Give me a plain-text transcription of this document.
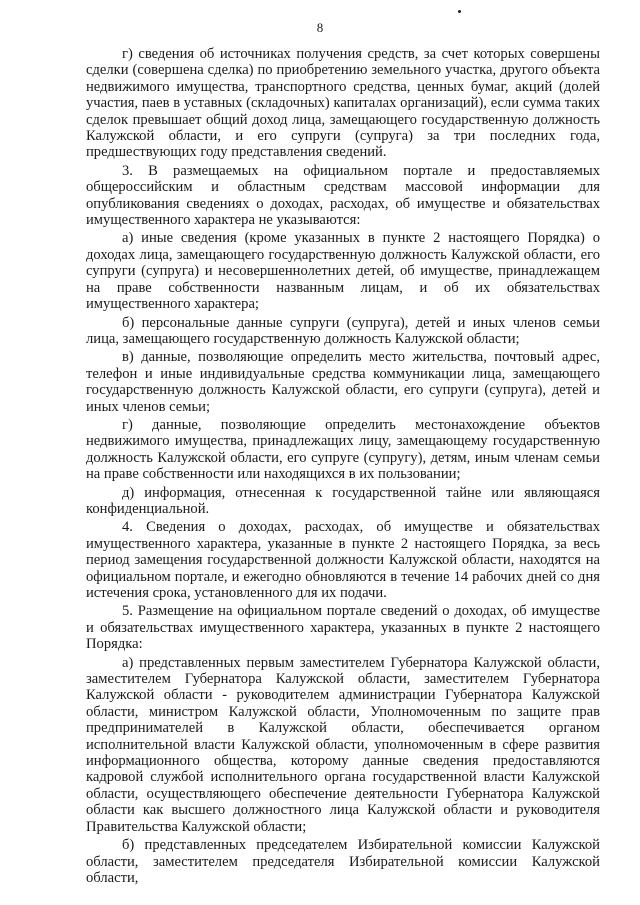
8

г) сведения об источниках получения средств, за счет которых совершены сделки (совершена сделка) по приобретению земельного участка, другого объекта недвижимого имущества, транспортного средства, ценных бумаг, акций (долей участия, паев в уставных (складочных) капиталах организаций), если сумма таких сделок превышает общий доход лица, замещающего государственную должность Калужской области, и его супруги (супруга) за три последних года, предшествующих году представления сведений.

3. В размещаемых на официальном портале и предоставляемых общероссийским и областным средствам массовой информации для опубликования сведениях о доходах, расходах, об имуществе и обязательствах имущественного характера не указываются:

а) иные сведения (кроме указанных в пункте 2 настоящего Порядка) о доходах лица, замещающего государственную должность Калужской области, его супруги (супруга) и несовершеннолетних детей, об имуществе, принадлежащем на праве собственности названным лицам, и об их обязательствах имущественного характера;

б) персональные данные супруги (супруга), детей и иных членов семьи лица, замещающего государственную должность Калужской области;

в) данные, позволяющие определить место жительства, почтовый адрес, телефон и иные индивидуальные средства коммуникации лица, замещающего государственную должность Калужской области, его супруги (супруга), детей и иных членов семьи;

г) данные, позволяющие определить местонахождение объектов недвижимого имущества, принадлежащих лицу, замещающему государственную должность Калужской области, его супруге (супругу), детям, иным членам семьи на праве собственности или находящихся в их пользовании;

д) информация, отнесенная к государственной тайне или являющаяся конфиденциальной.

4. Сведения о доходах, расходах, об имуществе и обязательствах имущественного характера, указанные в пункте 2 настоящего Порядка, за весь период замещения государственной должности Калужской области, находятся на официальном портале, и ежегодно обновляются в течение 14 рабочих дней со дня истечения срока, установленного для их подачи.

5. Размещение на официальном портале сведений о доходах, об имуществе и обязательствах имущественного характера, указанных в пункте 2 настоящего Порядка:

а) представленных первым заместителем Губернатора Калужской области, заместителем Губернатора Калужской области, заместителем Губернатора Калужской области - руководителем администрации Губернатора Калужской области, министром Калужской области, Уполномоченным по защите прав предпринимателей в Калужской области, обеспечивается органом исполнительной власти Калужской области, уполномоченным в сфере развития информационного общества, которому данные сведения предоставляются кадровой службой исполнительного органа государственной власти Калужской области, осуществляющего обеспечение деятельности Губернатора Калужской области как высшего должностного лица Калужской области и руководителя Правительства Калужской области;

б) представленных председателем Избирательной комиссии Калужской области, заместителем председателя Избирательной комиссии Калужской области,
